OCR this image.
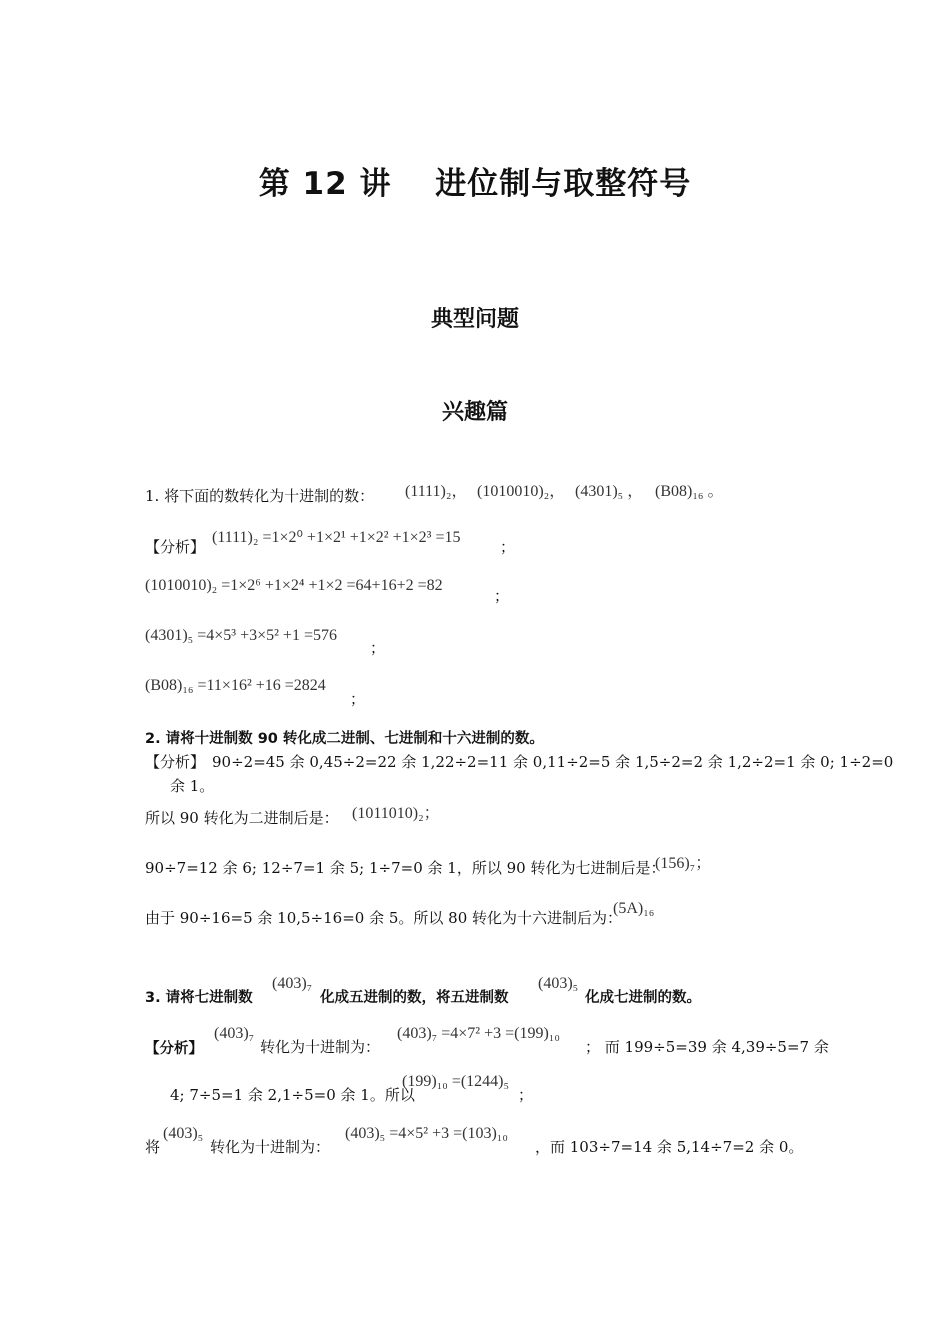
第 12 讲　 进位制与取整符号
典型问题
兴趣篇
1. 将下面的数转化为十进制的数： (1111)₂， (1010010)₂， (4301)₅ ， (B08)₁₆ 。
【分析】
(1111)₂ =1×2⁰ +1×2¹ +1×2² +1×2³ =15
；
(1010010)₂ =1×2⁶ +1×2⁴ +1×2 =64+16+2 =82
；
(4301)₅ =4×5³ +3×5² +1 =576
；
(B08)₁₆ =11×16² +16 =2824
；
2. 请将十进制数 90 转化成二进制、七进制和十六进制的数。
【分析】 90÷2=45 余 0,45÷2=22 余 1,22÷2=11 余 0,11÷2=5 余 1,5÷2=2 余 1,2÷2=1 余 0; 1÷2=0
余 1。
所以 90 转化为二进制后是： (1011010)₂；
90÷7=12 余 6; 12÷7=1 余 5; 1÷7=0 余 1，所以 90 转化为七进制后是：
(156)₇；
由于 90÷16=5 余 10,5÷16=0 余 5。所以 80 转化为十六进制后为：
(5A)₁₆
3. 请将七进制数
(403)₇
化成五进制的数，将五进制数
(403)₅
化成七进制的数。
【分析】
(403)₇
转化为十进制为：
(403)₇ =4×7² +3 =(199)₁₀
； 而 199÷5=39 余 4,39÷5=7 余
4; 7÷5=1 余 2,1÷5=0 余 1。所以
(199)₁₀ =(1244)₅
；
将
(403)₅
转化为十进制为：
(403)₅ =4×5² +3 =(103)₁₀
，而 103÷7=14 余 5,14÷7=2 余 0。
